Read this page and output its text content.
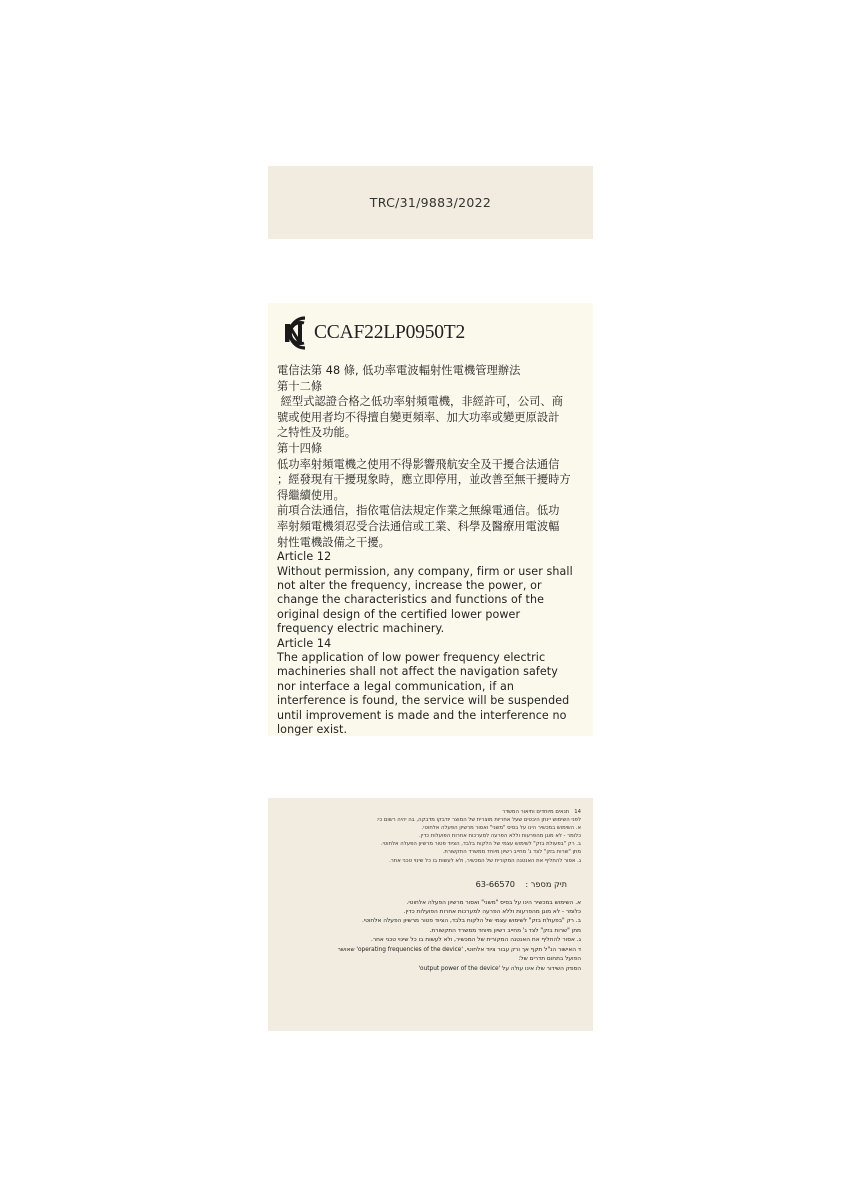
TRC/31/9883/2022
CCAF22LP0950T2

電信法第 48 條, 低功率電波輻射性電機管理辦法

第十二條

經型式認證合格之低功率射頻電機，非經許可，公司、商

號或使用者均不得擅自變更頻率、加大功率或變更原設計

之特性及功能。

第十四條

低功率射頻電機之使用不得影響飛航安全及干擾合法通信

；經發現有干擾現象時，應立即停用，並改善至無干擾時方

得繼續使用。

前項合法通信，指依電信法規定作業之無線電通信。低功

率射頻電機須忍受合法通信或工業、科學及醫療用電波輻

射性電機設備之干擾。

Article 12

Without permission, any company, firm or user shall

not alter the frequency, increase the power, or

change the characteristics and functions of the

original design of the certified lower power

frequency electric machinery.

Article 14

The application of low power frequency electric

machineries shall not affect the navigation safety

nor interface a legal communication, if an

interference is found, the service will be suspended

until improvement is made and the interference no

longer exist.

14   תנאים מיוחדים ותיאור המשדר

לפני השימוש יינתן היבטים שעל אחריות מוצרית של המוצר יודבקו מדבקה, בה יהיה רשום כי:

א. השימוש במכשיר הינו על בסיס "משני" ואסור מרשיון הפעלה אלחוטי.

כלומר - לא מוגן מהפרעות וללא הפרעה למערכות אחרות הפועלות כדין.

ב. רק "בפעולת בזק" לשימוש עצמי של הלקוח בלבד, הציוד פטור מרשיון הפעלה אלחוטי.

מתן "שרות בזק" לצד ג' מחייב רשיון מיוחד ממשרד התקשורת.

ג. אסור להחליף את האנטנה המקורית של המכשיר, ולא לעשות בו כל שינוי טכני אחר.

תיק מספר :    63-66570

א. השימוש במכשיר הינו על בסיס "משני" ואסור מרשיון הפעלה אלחוטי.

כלומר - לא מוגן מהפרעות וללא הפרעה למערכות אחרות הפועלות כדין.

ב. רק "בפעולת בזק" לשימוש עצמי של הלקוח בלבד, הציוד פטור מרשיון הפעלה אלחוטי.

מתן "שרות בזק" לצד ג' מחייב רשיון מיוחד ממשרד התקשורת.

ג. אסור להחליף את האנטנה המקורית של המכשיר, ולא לעשות בו כל שינוי טכני אחר.

ד האישור הנ"ל תקף אך ורק עבור ציוד אלחוטי, 'operating frequencies of the device' שאושר

הפועל בתחום תדרים של:

הספק השידור שלו אינו עולה על 'output power of the device'
